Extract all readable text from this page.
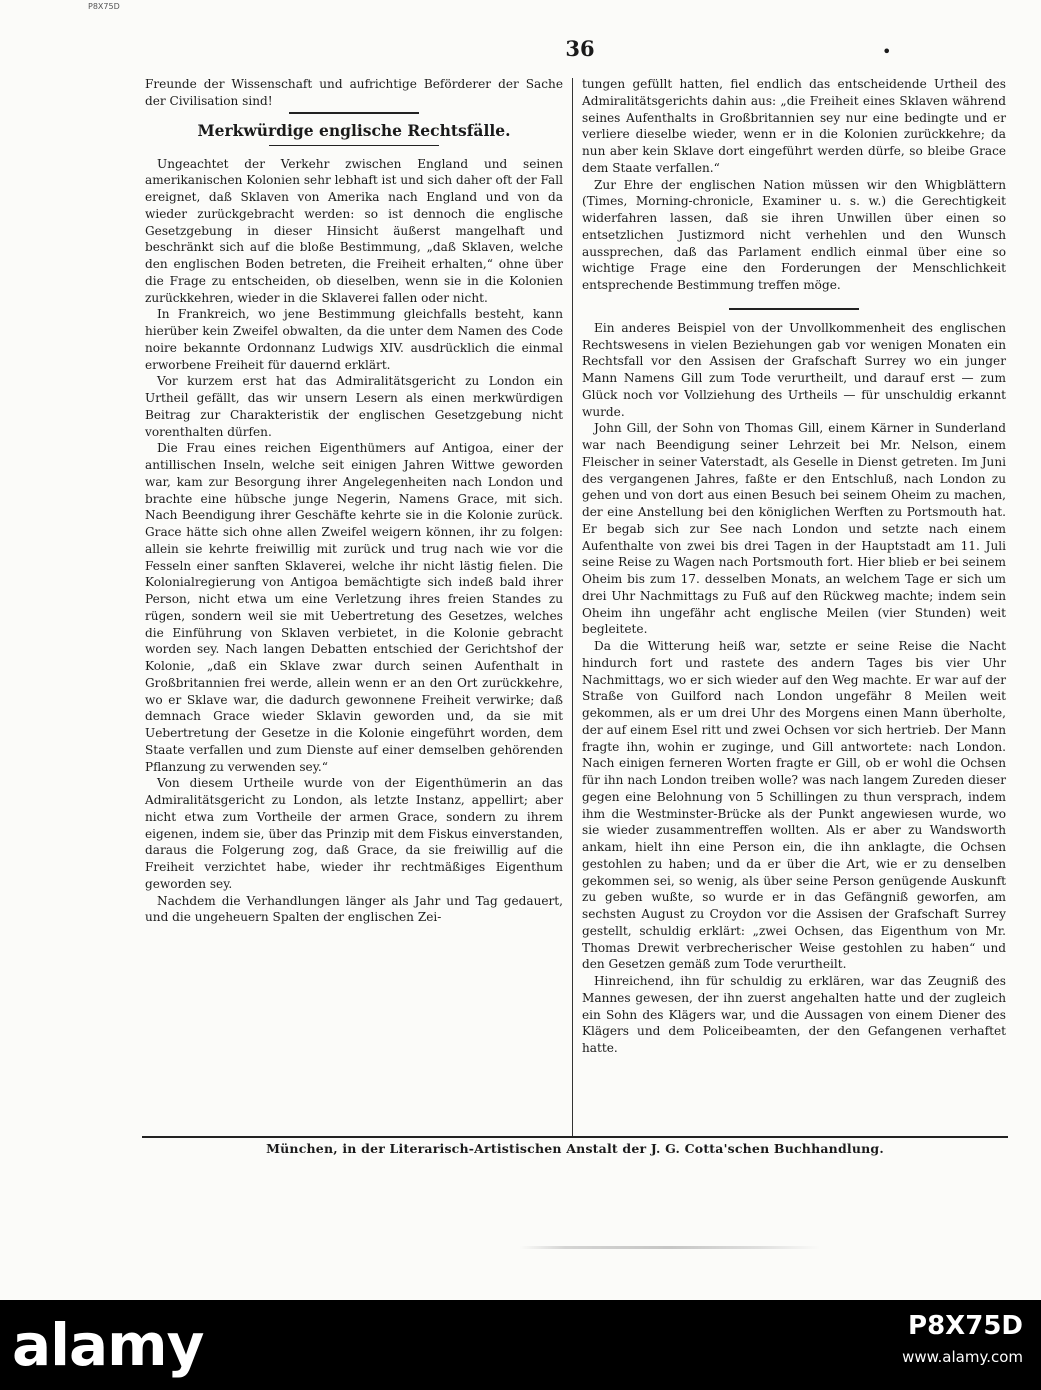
P8X75D
36	•

Freunde der Wissenschaft und aufrichtige Beförderer der Sache der Civilisation sind!

Merkwürdige englische Rechtsfälle.

Ungeachtet der Verkehr zwischen England und seinen amerikanischen Kolonien sehr lebhaft ist und sich daher oft der Fall ereignet, daß Sklaven von Amerika nach England und von da wieder zurückgebracht werden: so ist dennoch die englische Gesetzgebung in dieser Hinsicht äußerst mangelhaft und beschränkt sich auf die bloße Bestimmung, „daß Sklaven, welche den englischen Boden betreten, die Freiheit erhalten,“ ohne über die Frage zu entscheiden, ob dieselben, wenn sie in die Kolonien zurückkehren, wieder in die Sklaverei fallen oder nicht.

In Frankreich, wo jene Bestimmung gleichfalls besteht, kann hierüber kein Zweifel obwalten, da die unter dem Namen des Code noire bekannte Ordonnanz Ludwigs XIV. ausdrücklich die einmal erworbene Freiheit für dauernd erklärt.

Vor kurzem erst hat das Admiralitätsgericht zu London ein Urtheil gefällt, das wir unsern Lesern als einen merkwürdigen Beitrag zur Charakteristik der englischen Gesetzgebung nicht vorenthalten dürfen.

Die Frau eines reichen Eigenthümers auf Antigoa, einer der antillischen Inseln, welche seit einigen Jahren Wittwe geworden war, kam zur Besorgung ihrer Angelegenheiten nach London und brachte eine hübsche junge Negerin, Namens Grace, mit sich. Nach Beendigung ihrer Geschäfte kehrte sie in die Kolonie zurück. Grace hätte sich ohne allen Zweifel weigern können, ihr zu folgen: allein sie kehrte freiwillig mit zurück und trug nach wie vor die Fesseln einer sanften Sklaverei, welche ihr nicht lästig fielen. Die Kolonialregierung von Antigoa bemächtigte sich indeß bald ihrer Person, nicht etwa um eine Verletzung ihres freien Standes zu rügen, sondern weil sie mit Uebertretung des Gesetzes, welches die Einführung von Sklaven verbietet, in die Kolonie gebracht worden sey. Nach langen Debatten entschied der Gerichtshof der Kolonie, „daß ein Sklave zwar durch seinen Aufenthalt in Großbritannien frei werde, allein wenn er an den Ort zurückkehre, wo er Sklave war, die dadurch gewonnene Freiheit verwirke; daß demnach Grace wieder Sklavin geworden und, da sie mit Uebertretung der Gesetze in die Kolonie eingeführt worden, dem Staate verfallen und zum Dienste auf einer demselben gehörenden Pflanzung zu verwenden sey.“

Von diesem Urtheile wurde von der Eigenthümerin an das Admiralitätsgericht zu London, als letzte Instanz, appellirt; aber nicht etwa zum Vortheile der armen Grace, sondern zu ihrem eigenen, indem sie, über das Prinzip mit dem Fiskus einverstanden, daraus die Folgerung zog, daß Grace, da sie freiwillig auf die Freiheit verzichtet habe, wieder ihr rechtmäßiges Eigenthum geworden sey.

Nachdem die Verhandlungen länger als Jahr und Tag gedauert, und die ungeheuern Spalten der englischen Zei-

tungen gefüllt hatten, fiel endlich das entscheidende Urtheil des Admiralitätsgerichts dahin aus: „die Freiheit eines Sklaven während seines Aufenthalts in Großbritannien sey nur eine bedingte und er verliere dieselbe wieder, wenn er in die Kolonien zurückkehre; da nun aber kein Sklave dort eingeführt werden dürfe, so bleibe Grace dem Staate verfallen.“

Zur Ehre der englischen Nation müssen wir den Whigblättern (Times, Morning-chronicle, Examiner u. s. w.) die Gerechtigkeit widerfahren lassen, daß sie ihren Unwillen über einen so entsetzlichen Justizmord nicht verhehlen und den Wunsch aussprechen, daß das Parlament endlich einmal über eine so wichtige Frage eine den Forderungen der Menschlichkeit entsprechende Bestimmung treffen möge.

Ein anderes Beispiel von der Unvollkommenheit des englischen Rechtswesens in vielen Beziehungen gab vor wenigen Monaten ein Rechtsfall vor den Assisen der Grafschaft Surrey wo ein junger Mann Namens Gill zum Tode verurtheilt, und darauf erst — zum Glück noch vor Vollziehung des Urtheils — für unschuldig erkannt wurde.

John Gill, der Sohn von Thomas Gill, einem Kärner in Sunderland war nach Beendigung seiner Lehrzeit bei Mr. Nelson, einem Fleischer in seiner Vaterstadt, als Geselle in Dienst getreten. Im Juni des vergangenen Jahres, faßte er den Entschluß, nach London zu gehen und von dort aus einen Besuch bei seinem Oheim zu machen, der eine Anstellung bei den königlichen Werften zu Portsmouth hat. Er begab sich zur See nach London und setzte nach einem Aufenthalte von zwei bis drei Tagen in der Hauptstadt am 11. Juli seine Reise zu Wagen nach Portsmouth fort. Hier blieb er bei seinem Oheim bis zum 17. desselben Monats, an welchem Tage er sich um drei Uhr Nachmittags zu Fuß auf den Rückweg machte; indem sein Oheim ihn ungefähr acht englische Meilen (vier Stunden) weit begleitete.

Da die Witterung heiß war, setzte er seine Reise die Nacht hindurch fort und rastete des andern Tages bis vier Uhr Nachmittags, wo er sich wieder auf den Weg machte. Er war auf der Straße von Guilford nach London ungefähr 8 Meilen weit gekommen, als er um drei Uhr des Morgens einen Mann überholte, der auf einem Esel ritt und zwei Ochsen vor sich hertrieb. Der Mann fragte ihn, wohin er zuginge, und Gill antwortete: nach London. Nach einigen ferneren Worten fragte er Gill, ob er wohl die Ochsen für ihn nach London treiben wolle? was nach langem Zureden dieser gegen eine Belohnung von 5 Schillingen zu thun versprach, indem ihm die Westminster-Brücke als der Punkt angewiesen wurde, wo sie wieder zusammentreffen wollten. Als er aber zu Wandsworth ankam, hielt ihn eine Person ein, die ihn anklagte, die Ochsen gestohlen zu haben; und da er über die Art, wie er zu denselben gekommen sei, so wenig, als über seine Person genügende Auskunft zu geben wußte, so wurde er in das Gefängniß geworfen, am sechsten August zu Croydon vor die Assisen der Grafschaft Surrey gestellt, schuldig erklärt: „zwei Ochsen, das Eigenthum von Mr. Thomas Drewit verbrecherischer Weise gestohlen zu haben“ und den Gesetzen gemäß zum Tode verurtheilt.

Hinreichend, ihn für schuldig zu erklären, war das Zeugniß des Mannes gewesen, der ihn zuerst angehalten hatte und der zugleich ein Sohn des Klägers war, und die Aussagen von einem Diener des Klägers und dem Policeibeamten, der den Gefangenen verhaftet hatte.

München, in der Literarisch-Artistischen Anstalt der J. G. Cotta'schen Buchhandlung.
alamy	P8X75D
www.alamy.com
